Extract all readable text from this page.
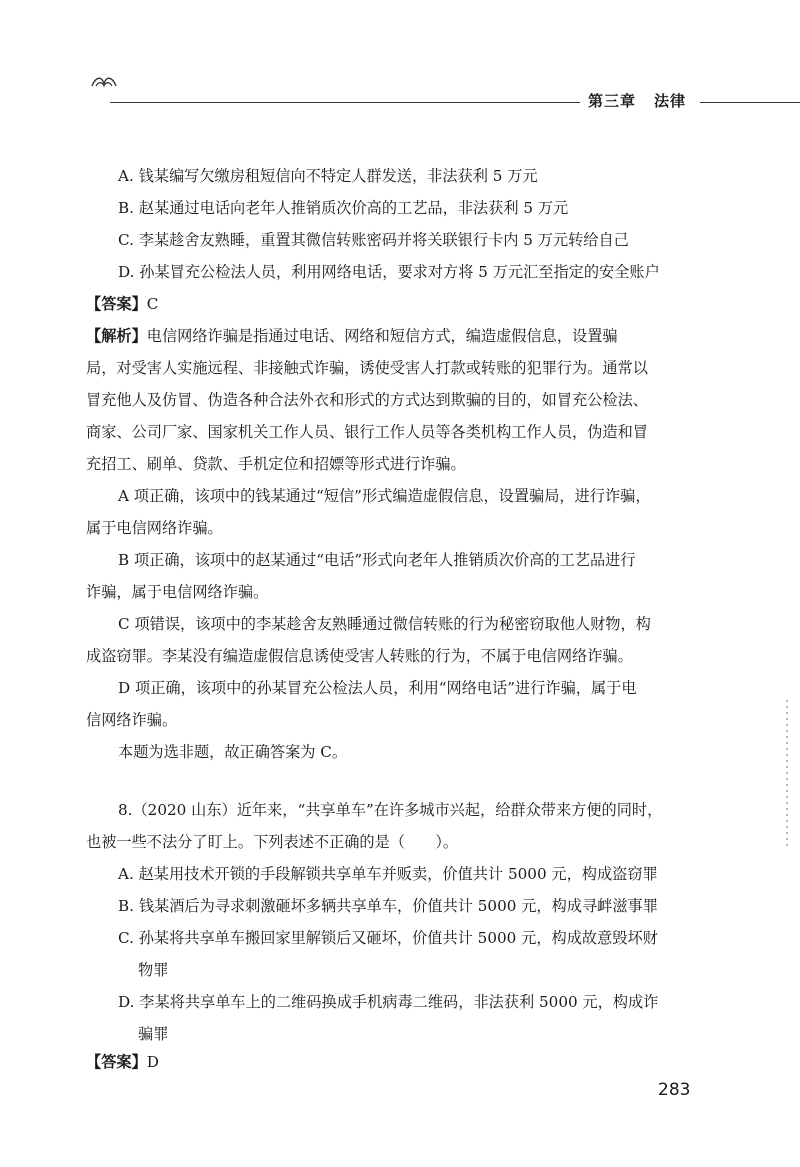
第三章 法律
A. 钱某编写欠缴房租短信向不特定人群发送，非法获利 5 万元
B. 赵某通过电话向老年人推销质次价高的工艺品，非法获利 5 万元
C. 李某趁舍友熟睡，重置其微信转账密码并将关联银行卡内 5 万元转给自己
D. 孙某冒充公检法人员，利用网络电话，要求对方将 5 万元汇至指定的安全账户
【答案】C
【解析】电信网络诈骗是指通过电话、网络和短信方式，编造虚假信息，设置骗
局，对受害人实施远程、非接触式诈骗，诱使受害人打款或转账的犯罪行为。通常以
冒充他人及仿冒、伪造各种合法外衣和形式的方式达到欺骗的目的，如冒充公检法、
商家、公司厂家、国家机关工作人员、银行工作人员等各类机构工作人员，伪造和冒
充招工、刷单、贷款、手机定位和招嫖等形式进行诈骗。
A 项正确，该项中的钱某通过“短信”形式编造虚假信息，设置骗局，进行诈骗，
属于电信网络诈骗。
B 项正确，该项中的赵某通过“电话”形式向老年人推销质次价高的工艺品进行
诈骗，属于电信网络诈骗。
C 项错误，该项中的李某趁舍友熟睡通过微信转账的行为秘密窃取他人财物，构
成盗窃罪。李某没有编造虚假信息诱使受害人转账的行为，不属于电信网络诈骗。
D 项正确，该项中的孙某冒充公检法人员，利用“网络电话”进行诈骗，属于电
信网络诈骗。
本题为选非题，故正确答案为 C。
8.（2020 山东）近年来，“共享单车”在许多城市兴起，给群众带来方便的同时，
也被一些不法分了盯上。下列表述不正确的是（　　）。
A. 赵某用技术开锁的手段解锁共享单车并贩卖，价值共计 5000 元，构成盗窃罪
B. 钱某酒后为寻求刺激砸坏多辆共享单车，价值共计 5000 元，构成寻衅滋事罪
C. 孙某将共享单车搬回家里解锁后又砸坏，价值共计 5000 元，构成故意毁坏财
物罪
D. 李某将共享单车上的二维码换成手机病毒二维码，非法获利 5000 元，构成诈
骗罪
【答案】D
283
